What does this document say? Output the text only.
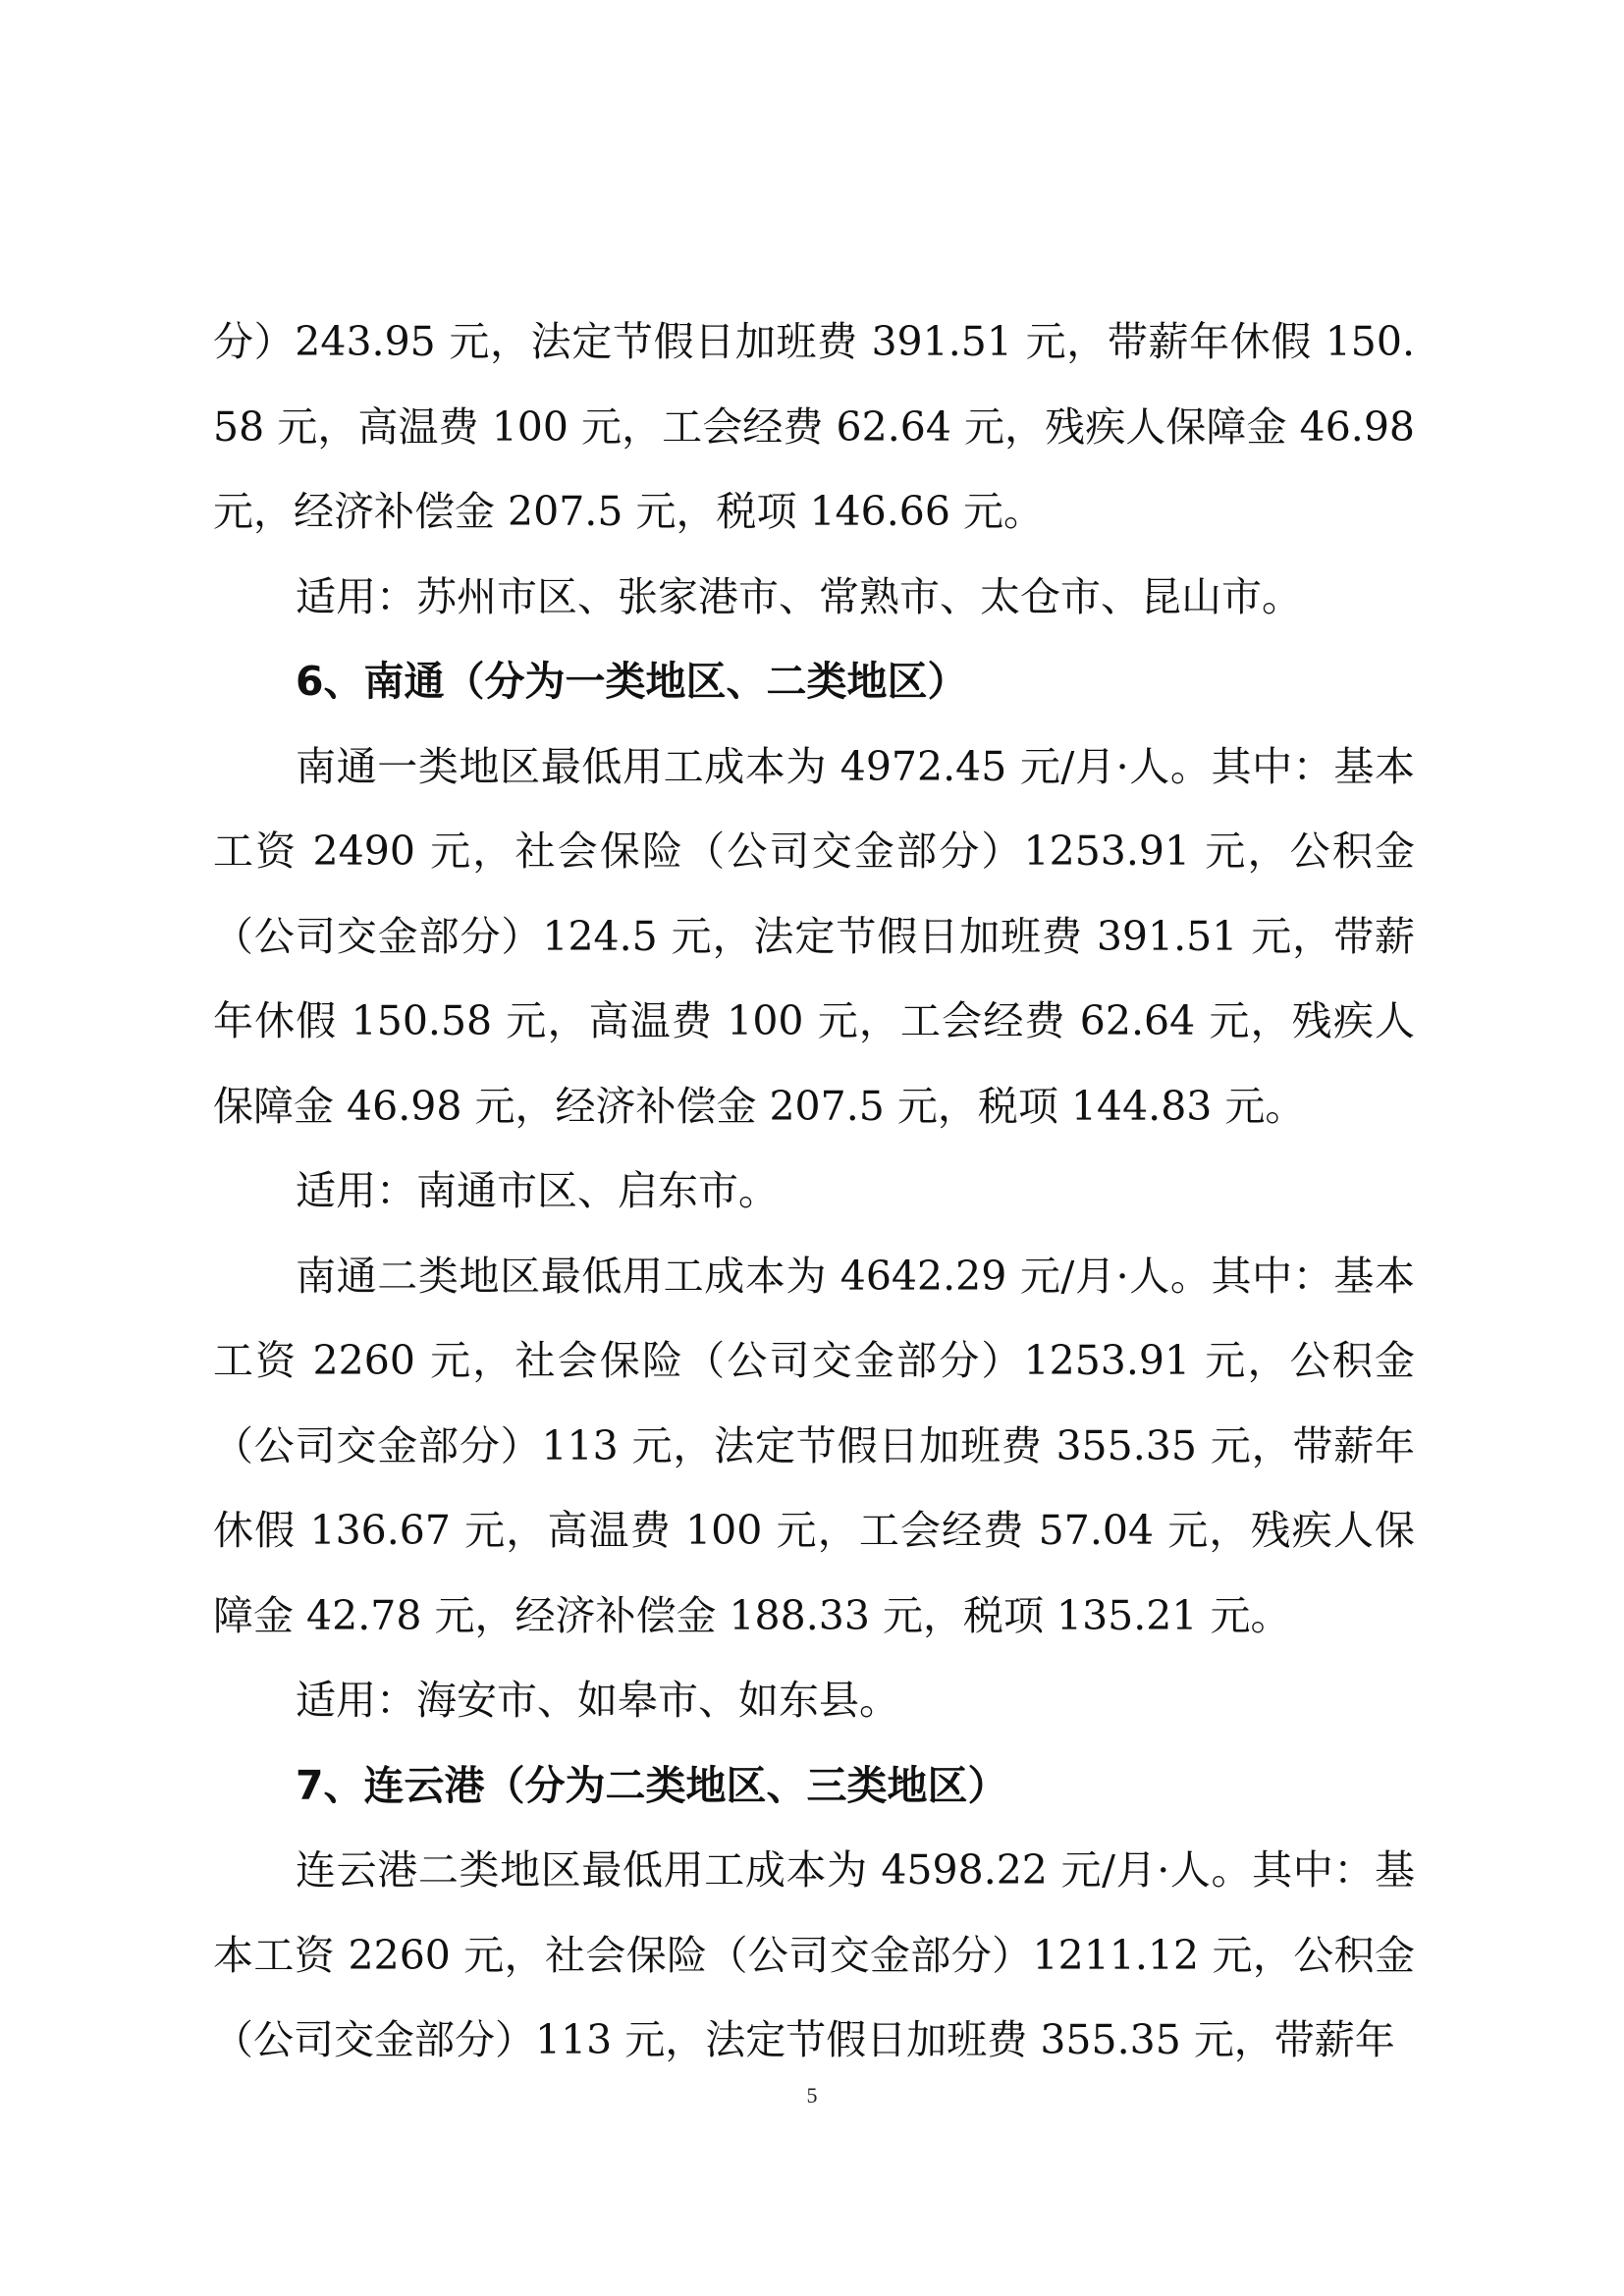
分）243.95 元，法定节假日加班费 391.51 元，带薪年休假 150.58 元，高温费 100 元，工会经费 62.64 元，残疾人保障金 46.98 元，经济补偿金 207.5 元，税项 146.66 元。

适用：苏州市区、张家港市、常熟市、太仓市、昆山市。

6、南通（分为一类地区、二类地区）

南通一类地区最低用工成本为 4972.45 元/月·人。其中：基本工资 2490 元，社会保险（公司交金部分）1253.91 元，公积金（公司交金部分）124.5 元，法定节假日加班费 391.51 元，带薪年休假 150.58 元，高温费 100 元，工会经费 62.64 元，残疾人保障金 46.98 元，经济补偿金 207.5 元，税项 144.83 元。

适用：南通市区、启东市。

南通二类地区最低用工成本为 4642.29 元/月·人。其中：基本工资 2260 元，社会保险（公司交金部分）1253.91 元，公积金（公司交金部分）113 元，法定节假日加班费 355.35 元，带薪年休假 136.67 元，高温费 100 元，工会经费 57.04 元，残疾人保障金 42.78 元，经济补偿金 188.33 元，税项 135.21 元。

适用：海安市、如皋市、如东县。

7、连云港（分为二类地区、三类地区）

连云港二类地区最低用工成本为 4598.22 元/月·人。其中：基本工资 2260 元，社会保险（公司交金部分）1211.12 元，公积金（公司交金部分）113 元，法定节假日加班费 355.35 元，带薪年

5
